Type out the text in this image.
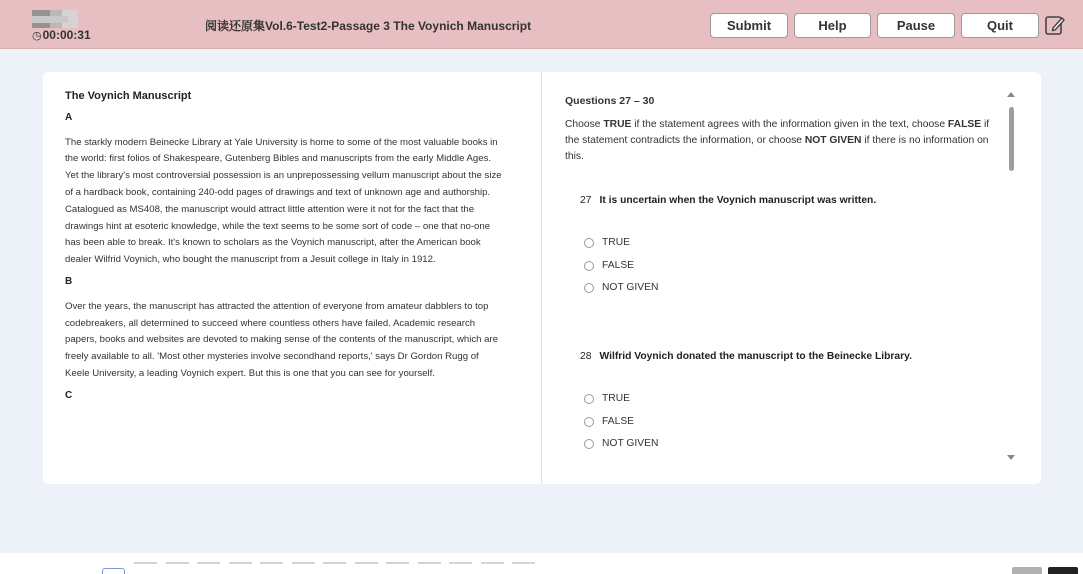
◷ 00:00:31
阅读还原集Vol.6-Test2-Passage 3 The Voynich Manuscript	Submit	Help	Pause	Quit
The Voynich Manuscript
A

The starkly modern Beinecke Library at Yale University is home to some of the most valuable books in the world: first folios of Shakespeare, Gutenberg Bibles and manuscripts from the early Middle Ages. Yet the library's most controversial possession is an unprepossessing vellum manuscript about the size of a hardback book, containing 240-odd pages of drawings and text of unknown age and authorship. Catalogued as MS408, the manuscript would attract little attention were it not for the fact that the drawings hint at esoteric knowledge, while the text seems to be some sort of code – one that no-one has been able to break. It's known to scholars as the Voynich manuscript, after the American book dealer Wilfrid Voynich, who bought the manuscript from a Jesuit college in Italy in 1912.

B

Over the years, the manuscript has attracted the attention of everyone from amateur dabblers to top codebreakers, all determined to succeed where countless others have failed. Academic research papers, books and websites are devoted to making sense of the contents of the manuscript, which are freely available to all. 'Most other mysteries involve secondhand reports,' says Dr Gordon Rugg of Keele University, a leading Voynich expert. But this is one that you can see for yourself.

C
Questions 27 – 30
Choose TRUE if the statement agrees with the information given in the text, choose FALSE if the statement contradicts the information, or choose NOT GIVEN if there is no information on this.
27 It is uncertain when the Voynich manuscript was written.
TRUE
FALSE
NOT GIVEN
28 Wilfrid Voynich donated the manuscript to the Beinecke Library.
TRUE
FALSE
NOT GIVEN
